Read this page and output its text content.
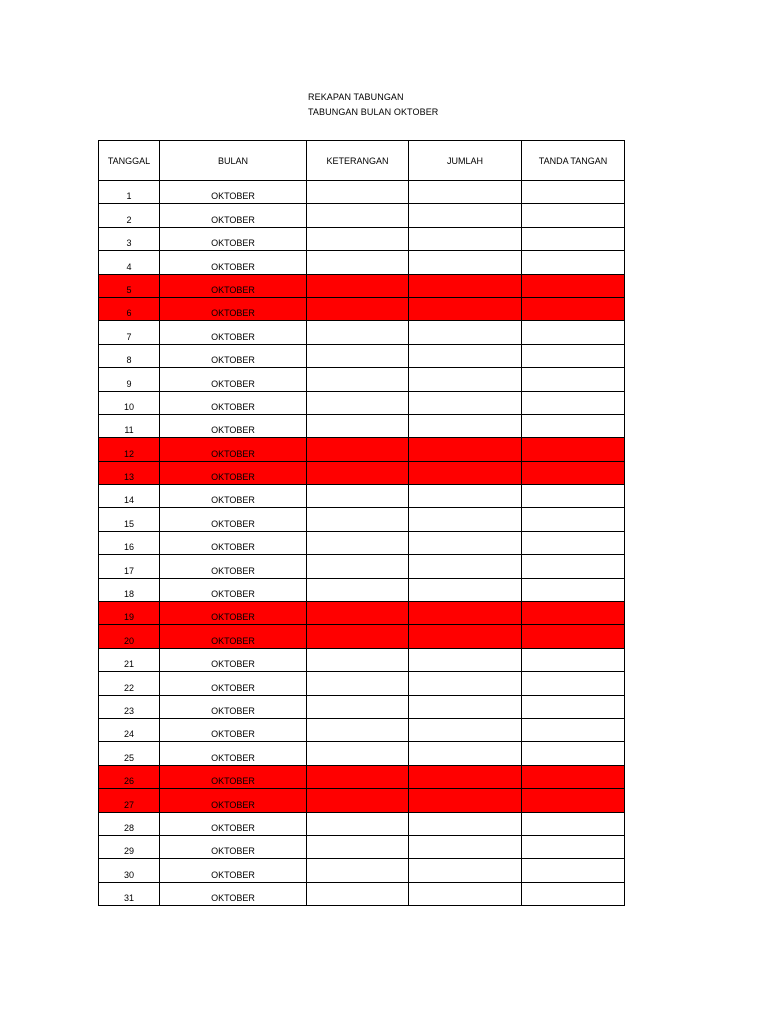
REKAPAN TABUNGAN
TABUNGAN BULAN OKTOBER
TANGGAL	BULAN	KETERANGAN	JUMLAH	TANDA TANGAN
1	OKTOBER			
2	OKTOBER			
3	OKTOBER			
4	OKTOBER			
5	OKTOBER			
6	OKTOBER			
7	OKTOBER			
8	OKTOBER			
9	OKTOBER			
10	OKTOBER			
11	OKTOBER			
12	OKTOBER			
13	OKTOBER			
14	OKTOBER			
15	OKTOBER			
16	OKTOBER			
17	OKTOBER			
18	OKTOBER			
19	OKTOBER			
20	OKTOBER			
21	OKTOBER			
22	OKTOBER			
23	OKTOBER			
24	OKTOBER			
25	OKTOBER			
26	OKTOBER			
27	OKTOBER			
28	OKTOBER			
29	OKTOBER			
30	OKTOBER			
31	OKTOBER			
